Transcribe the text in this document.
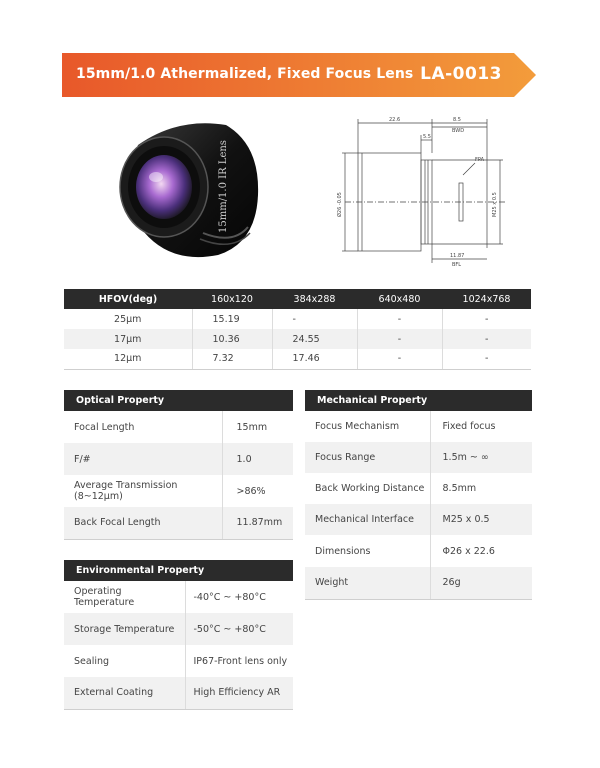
15mm/1.0 Athermalized, Fixed Focus Lens LA-0013
15mm/1.0 IR Lens
22.6	8.5
BWD
5.5
FPA
Ø26 -0.05	M25 x 0.5
11.87
BFL
HFOV(deg)	160x120	384x288	640x480	1024x768
25μm	15.19	-	-	-
17μm	10.36	24.55	-	-
12μm	7.32	17.46	-	-
Optical Property	
Focal Length	15mm
F/#	1.0
Average Transmission (8~12μm)	>86%
Back Focal Length	11.87mm
Mechanical Property	
Focus Mechanism	Fixed focus
Focus Range	1.5m ~ ∞
Back Working Distance	8.5mm
Mechanical Interface	M25 x 0.5
Dimensions	Φ26 x 22.6
Weight	26g
Environmental Property	
Operating Temperature	-40°C ~ +80°C
Storage Temperature	-50°C ~ +80°C
Sealing	IP67-Front lens only
External Coating	High Efficiency AR
